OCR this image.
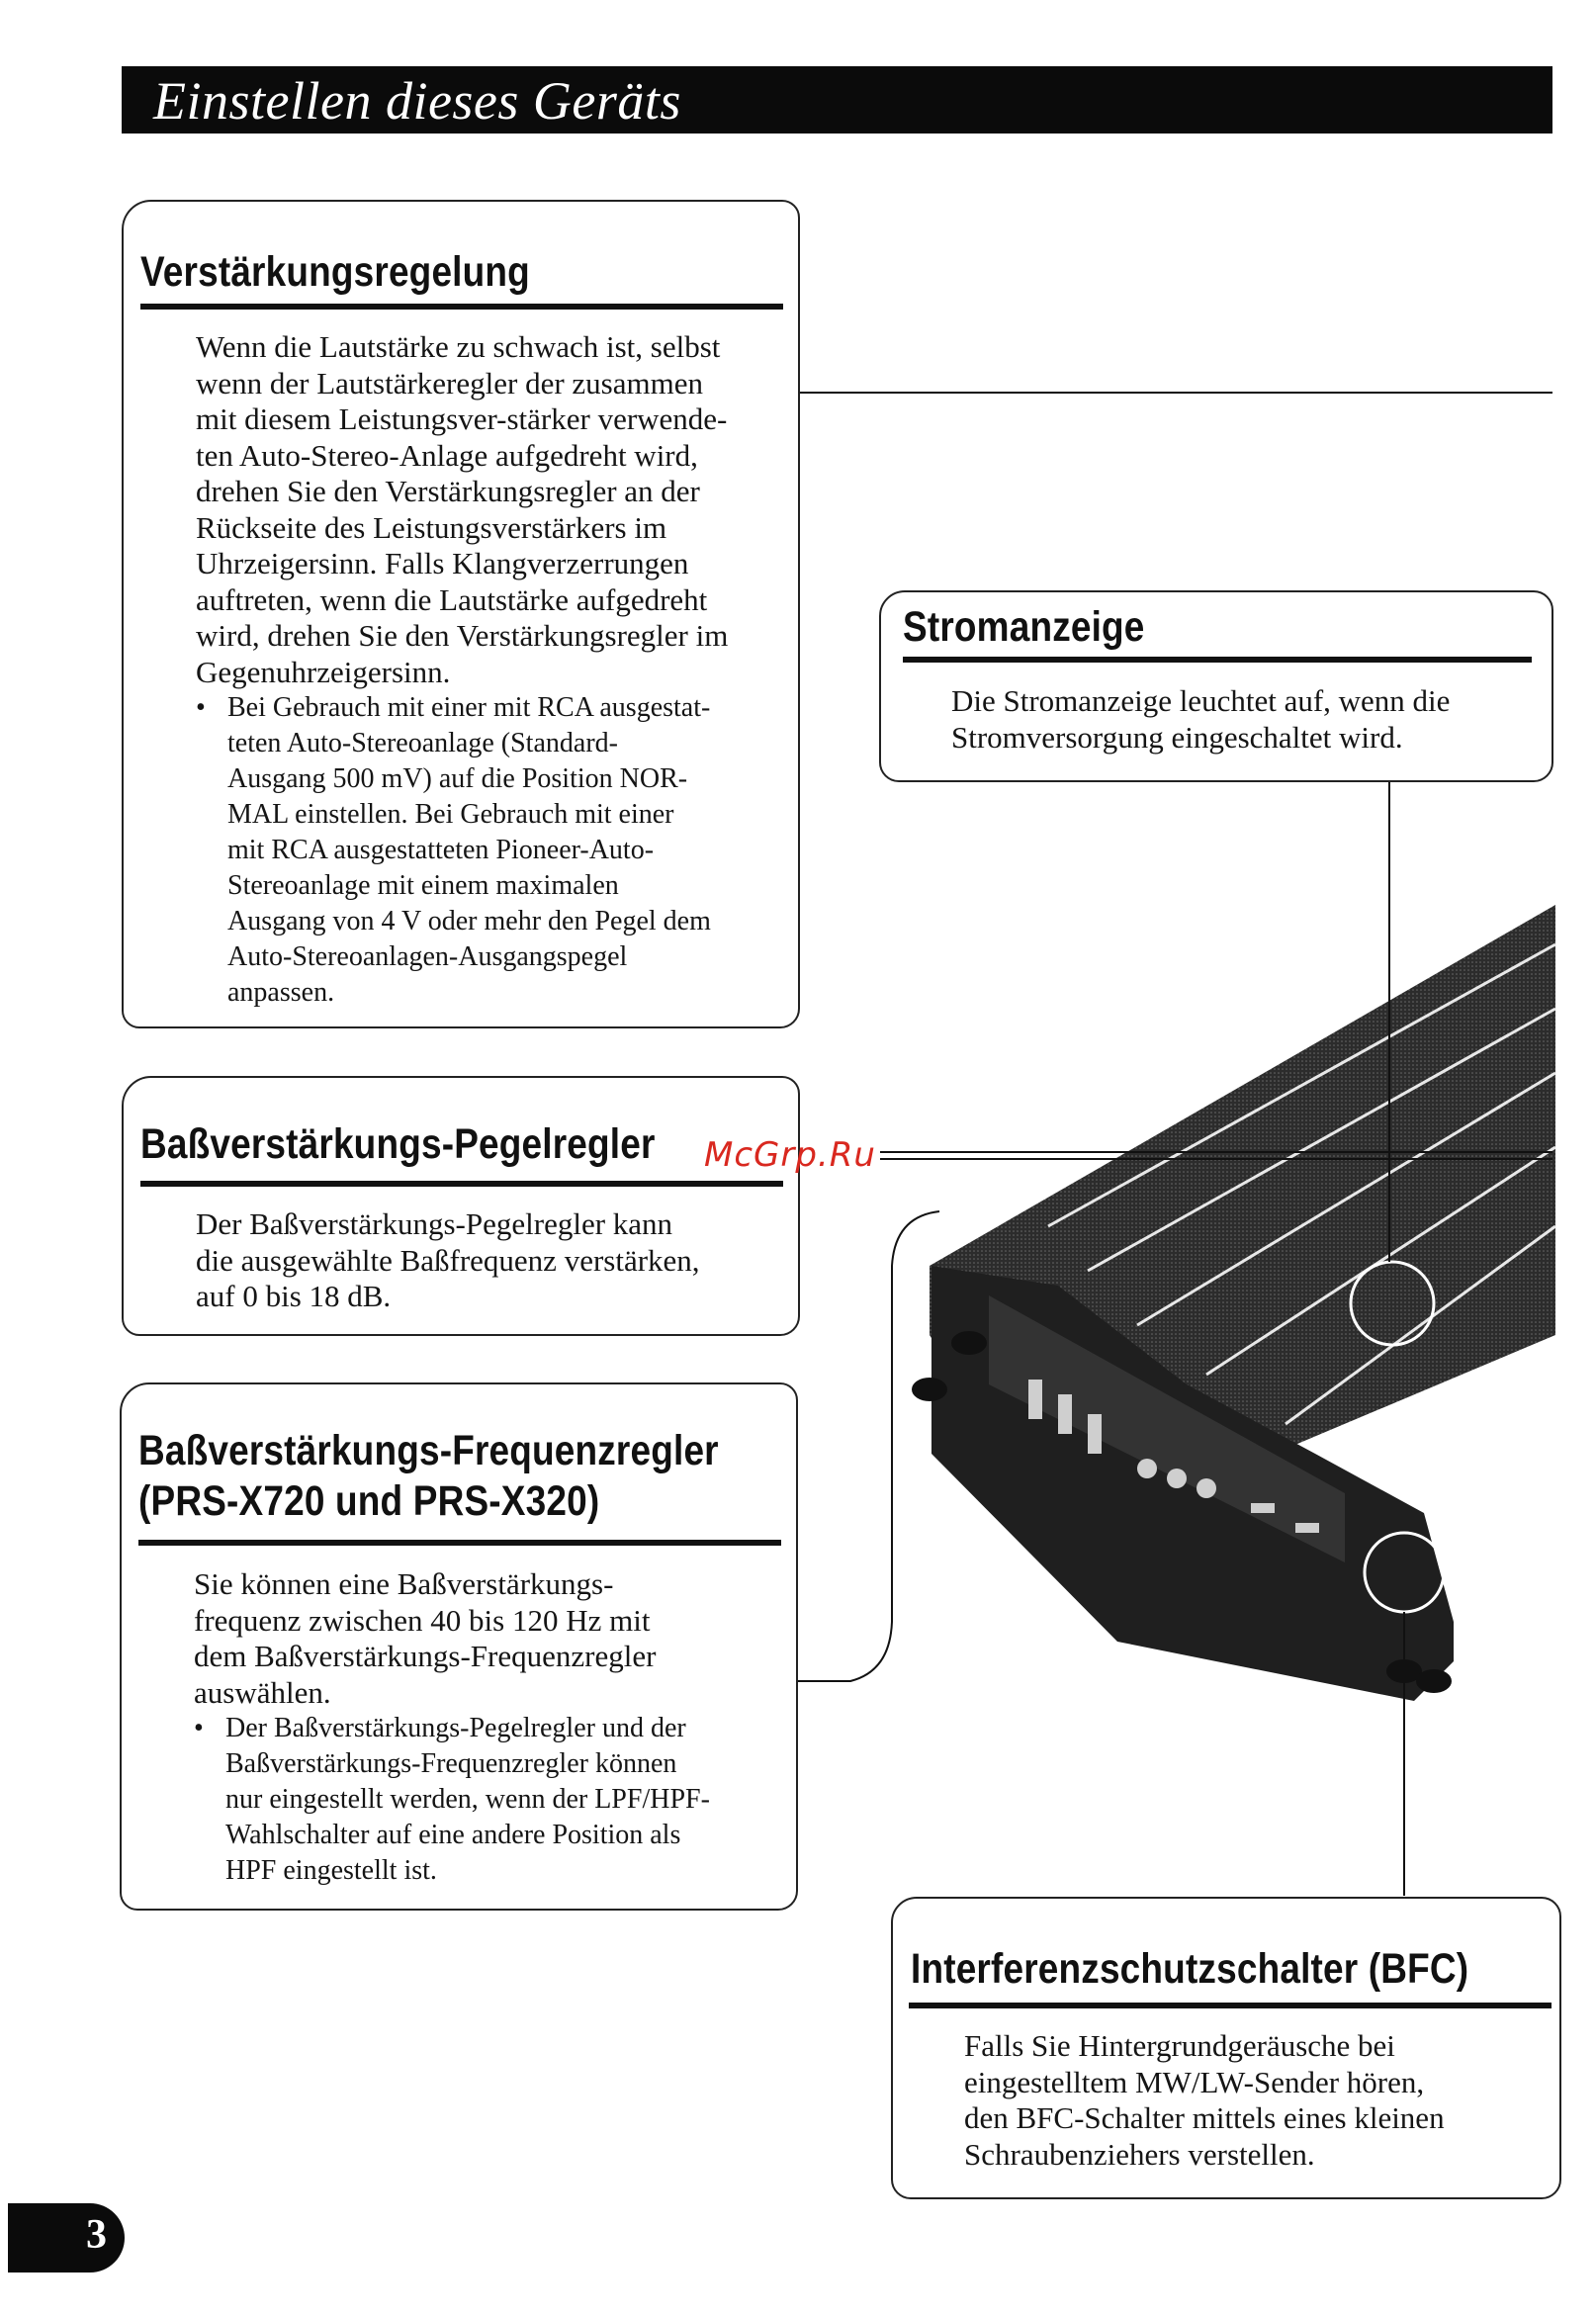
Einstellen dieses Geräts
Verstärkungsregelung

Wenn die Lautstärke zu schwach ist, selbst

wenn der Lautstärkeregler der zusammen

mit diesem Leistungsver-stärker verwende-

ten Auto-Stereo-Anlage aufgedreht wird,

drehen Sie den Verstärkungsregler an der

Rückseite des Leistungsverstärkers im

Uhrzeigersinn. Falls Klangverzerrungen

auftreten, wenn die Lautstärke aufgedreht

wird, drehen Sie den Verstärkungsregler im

Gegenuhrzeigersinn.

• Bei Gebrauch mit einer mit RCA ausgestat-

teten Auto-Stereoanlage (Standard-

Ausgang 500 mV) auf die Position NOR-

MAL einstellen. Bei Gebrauch mit einer

mit RCA ausgestatteten Pioneer-Auto-

Stereoanlage mit einem maximalen

Ausgang von 4 V oder mehr den Pegel dem

Auto-Stereoanlagen-Ausgangspegel

anpassen.

Stromanzeige

Die Stromanzeige leuchtet auf, wenn die

Stromversorgung eingeschaltet wird.

Baßverstärkungs-Pegelregler

Der Baßverstärkungs-Pegelregler kann

die ausgewählte Baßfrequenz verstärken,

auf 0 bis 18 dB.

McGrp.Ru

Baßverstärkungs-Frequenzregler
(PRS-X720 und PRS-X320)

Sie können eine Baßverstärkungs-

frequenz zwischen 40 bis 120 Hz mit

dem Baßverstärkungs-Frequenzregler

auswählen.

• Der Baßverstärkungs-Pegelregler und der

Baßverstärkungs-Frequenzregler können

nur eingestellt werden, wenn der LPF/HPF-

Wahlschalter auf eine andere Position als

HPF eingestellt ist.

Interferenzschutzschalter (BFC)

Falls Sie Hintergrundgeräusche bei

eingestelltem MW/LW-Sender hören,

den BFC-Schalter mittels eines kleinen

Schraubenziehers verstellen.

3
